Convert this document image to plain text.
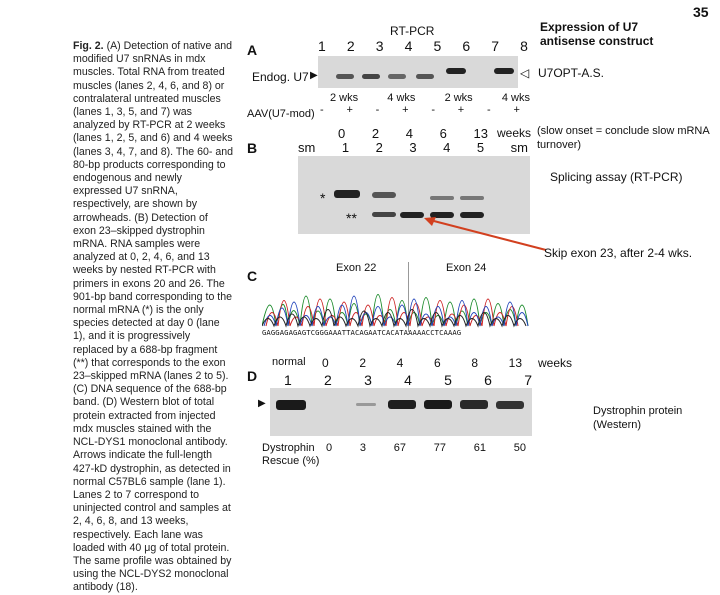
35
Fig. 2. (A) Detection of native and modified U7 snRNAs in mdx muscles. Total RNA from treated muscles (lanes 2, 4, 6, and 8) or contralateral untreated muscles (lanes 1, 3, 5, and 7) was analyzed by RT-PCR at 2 weeks (lanes 1, 2, 5, and 6) and 4 weeks (lanes 3, 4, 7, and 8). The 60- and 80-bp products corresponding to endogenous and newly expressed U7 snRNA, respectively, are shown by arrowheads. (B) Detection of exon 23–skipped dystrophin mRNA. RNA samples were analyzed at 0, 2, 4, 6, and 13 weeks by nested RT-PCR with primers in exons 20 and 26. The 901-bp band corresponding to the normal mRNA (*) is the only species detected at day 0 (lane 1), and it is progressively replaced by a 688-bp fragment (**) that corresponds to the exon 23–skipped mRNA (lanes 2 to 5). (C) DNA sequence of the 688-bp band. (D) Western blot of total protein extracted from injected mdx muscles stained with the NCL-DYS1 monoclonal antibody. Arrows indicate the full-length 427-kD dystrophin, as detected in normal C57BL6 sample (lane 1). Lanes 2 to 7 correspond to uninjected control and samples at 2, 4, 6, 8, and 13 weeks, respectively. Each lane was loaded with 40 μg of total protein. The same profile was obtained by using the NCL-DYS2 monoclonal antibody (18).
A
RT-PCR	Expression of U7 antisense construct
1 2 3 4 5 6 7 8
◁ U7OPT-A.S.
Endog. U7 ▶
2 wks	4 wks	2 wks	4 wks
AAV(U7-mod) - + - + - + - +
B
0 2 4 6 13 weeks (slow onset = conclude slow mRNA turnover)
sm 1 2 3 4 5 sm
*
**
Splicing assay (RT-PCR)
Skip exon 23, after 2-4 wks.
C	Exon 22	Exon 24
GAGGAGAGAGTCGGGAAATTACAGAATCACATAAAAACCTCAAAG
D
normal 0	2	4	6	8	13 weeks
1 2 3 4 5 6 7
▶
Dystrophin protein (Western)
Dystrophin Rescue (%)
0	3	67	77	61	50
